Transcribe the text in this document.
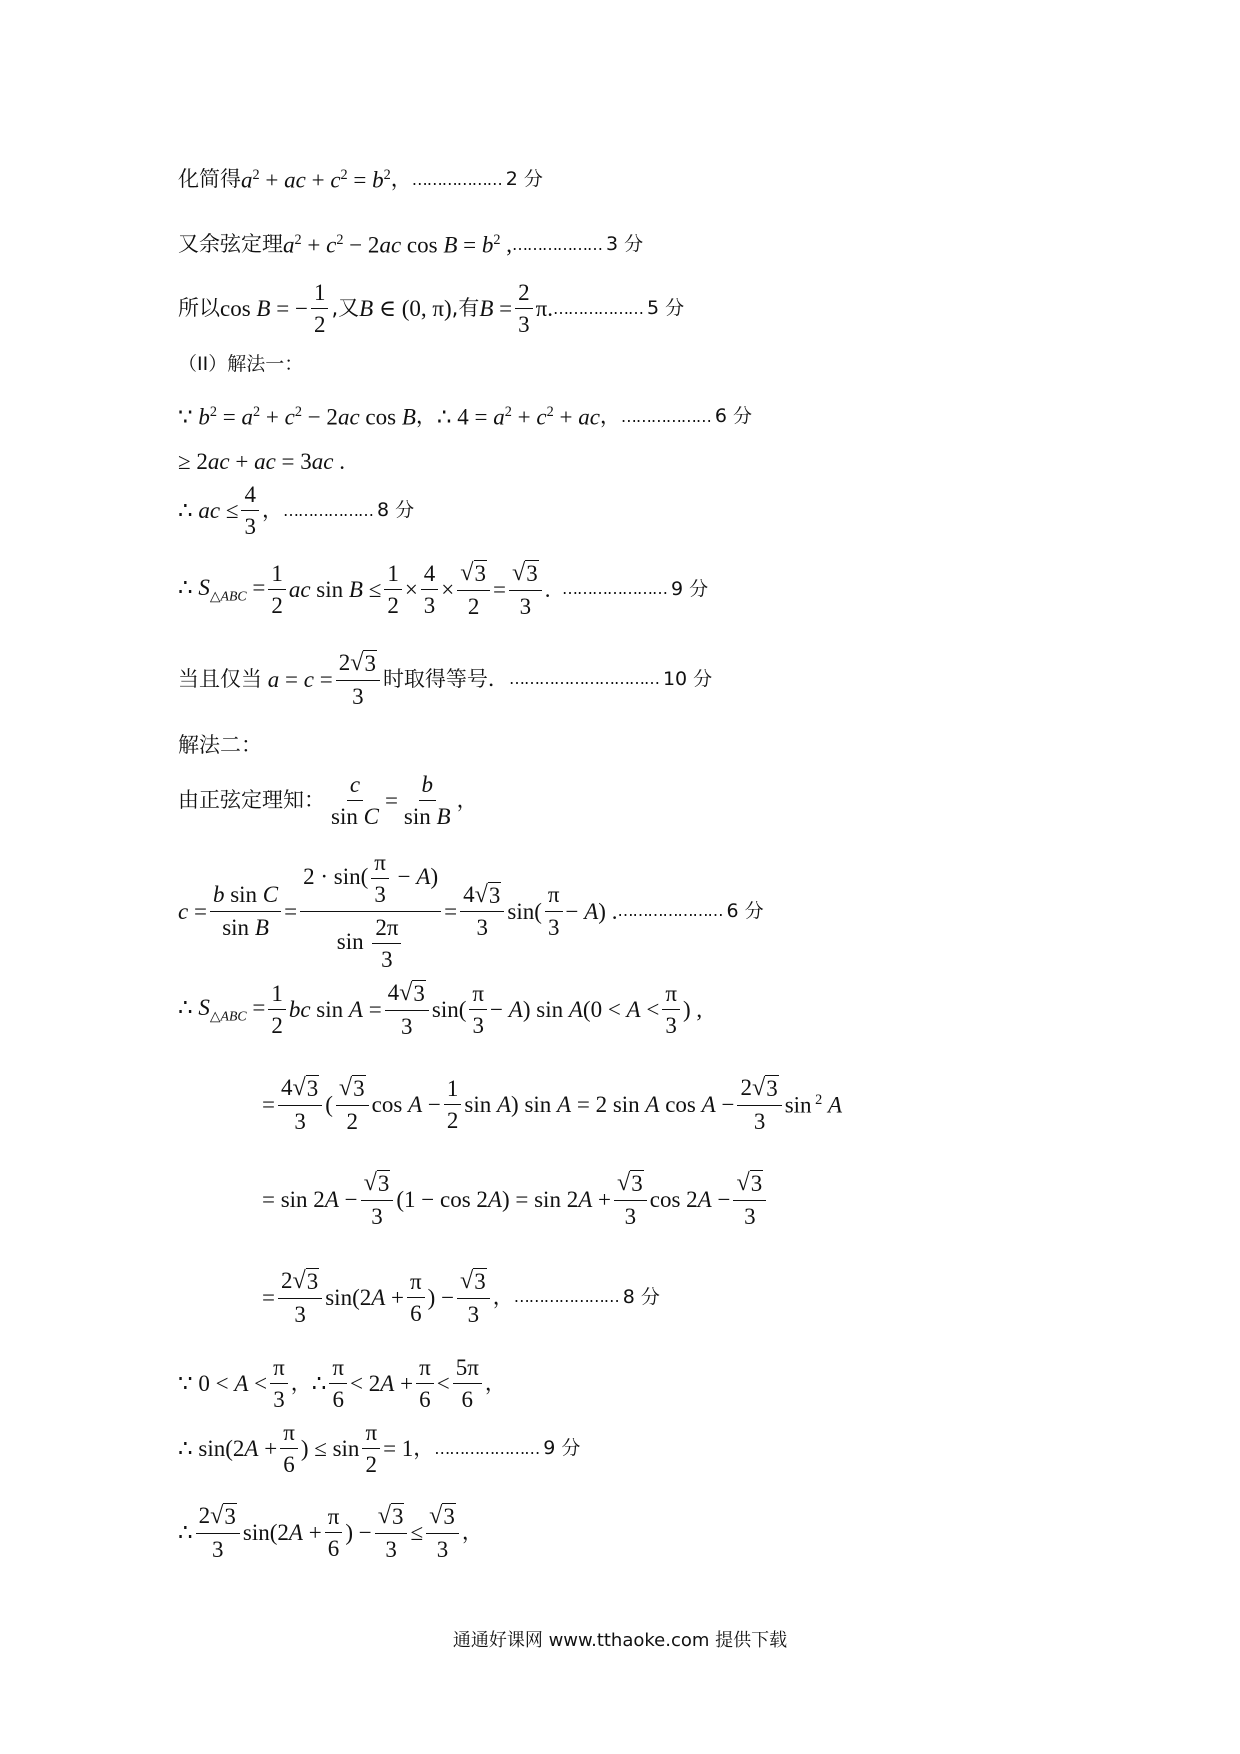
化简得 $a^2$ + ac + $c^2 = b^2$ ， ……………… 2 分
又余弦定理 $a^2 + c^2 - 2ac$ $\cos B = b^2$ , ……………… 3 分
所以 cos B = − $\frac{1}{2}$ ,又 B ∈ (0, π) ,有 $B = \frac{2}{3} \pi$. ……………… 5 分
（II）解法一：
∵ $b^2 = a^2 + c^2 - 2ac$ cos B ， ∴ $4 = a^2 + c^2$ + ac ， ……………… 6 分
≥ 2ac + ac = 3ac .
∴ ac ≤ $\frac{4}{3}$ ， ……………… 8 分
∴ $S_{\triangle ABC} = \frac{1}{2}$ ac $\sin B \le \frac{1}{2} \times \frac{4}{3} \times \frac{√ 3}{2} = \frac{√ 3}{3}$ . ………………… 9 分
当且仅当 $a = c = \frac{2 √ 3}{3}$ 时取得等号． ………………………… 10 分
解法二：
由正弦定理知： $\frac{c}{\text{sin C}} = \frac{b}{\text{sin B}}$ ，
$c = \frac{\text{b sin C}}{\text{sin B}} = \frac{2 \cdot \sin( \frac{\pi}{3} - A)}{\sin \frac{2\pi}{3}} = \frac{4 √ 3}{3} \sin( \frac{\pi}{3} - A)$ . ………………… 6 分
∴ $S_{\triangle ABC} = \frac{1}{2}$ bc $\sin A = \frac{4 √ 3}{3} \sin( \frac{\pi}{3} - A)$ $\sin A(0 < A < \frac{\pi}{3}$ ) ,
= $\frac{4 √ 3}{3}$ ( $\frac{√ 3}{2}$ $\cos A - \frac{1}{2}$ sin A) sin A = 2 sin A $\cos A - \frac{2 √ 3}{3}$ sin $^2$ A
= $\sin 2A - \frac{√ 3}{3} (1 - \cos 2A) = \sin 2A + \frac{√ 3}{3}$ $\cos 2A - \frac{√ 3}{3}$
= $\frac{2 √ 3}{3} \sin(2A + \frac{\pi}{6}$ ) − $\frac{√ 3}{3}$ ， ………………… 8 分
∵ $0 < A < \frac{\pi}{3}$ ， ∴ $\frac{\pi}{6} < 2A + \frac{\pi}{6} < \frac{5\pi}{6}$ ，
∴ $\sin(2A + \frac{\pi}{6}$ ) ≤ $\sin \frac{\pi}{2} = 1$ ， ………………… 9 分
∴ $\frac{2 √ 3}{3} \sin(2A + \frac{\pi}{6}$ ) − $\frac{√ 3}{3} \le \frac{√ 3}{3}$ ，
通通好课网 www.tthaoke.com 提供下载
